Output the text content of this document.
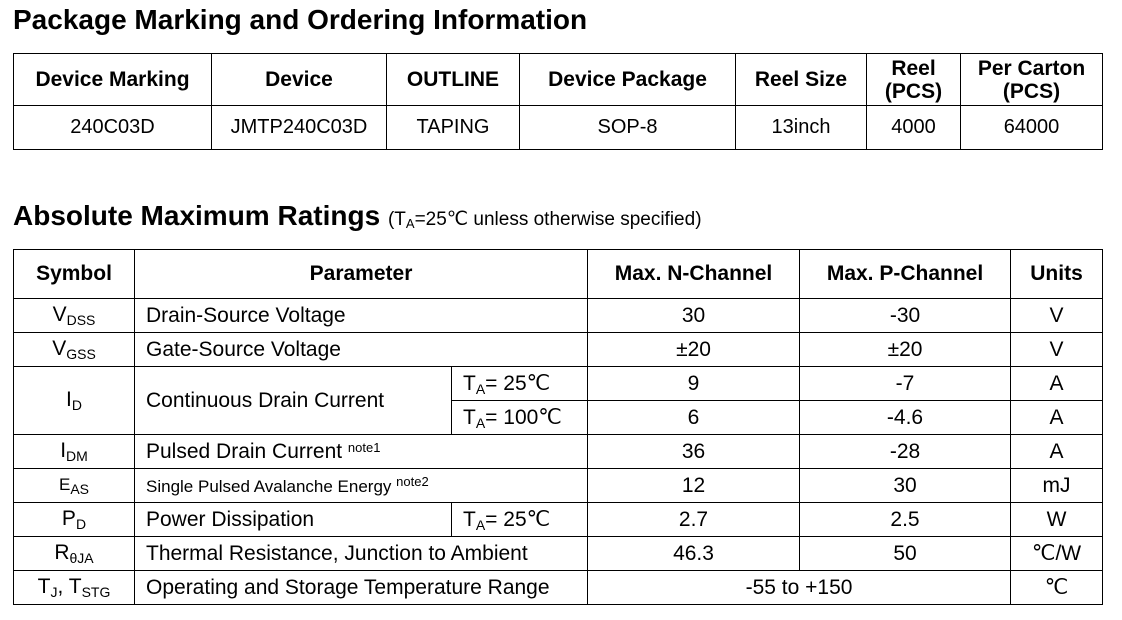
Package Marking and Ordering Information
Device Marking	Device	OUTLINE	Device Package	Reel Size	Reel (PCS)	Per Carton (PCS)
240C03D	JMTP240C03D	TAPING	SOP-8	13inch	4000	64000
Absolute Maximum Ratings ($T_A=25℃$ unless otherwise specified)
Symbol	Parameter		Max. N-Channel	Max. P-Channel	Units
$V_{DSS}$	Drain-Source Voltage		30	-30	V
$V_{GSS}$	Gate-Source Voltage		±20	±20	V
$I_D$	Continuous Drain Current	$T_A=$ 25℃	9	-7	A
		$T_A=$ 100℃	6	-4.6	A
$I_{DM}$	Pulsed Drain Current $^{note1}$		36	-28	A
$E_{AS}$	Single Pulsed Avalanche Energy $^{note2}$		12	30	mJ
$P_D$	Power Dissipation	$T_A=$ 25℃	2.7	2.5	W
$R_{\theta JA}$	Thermal Resistance, Junction to Ambient		46.3	50	℃/W
$T_J$, $T_{STG}$	Operating and Storage Temperature Range		-55 to +150		℃
